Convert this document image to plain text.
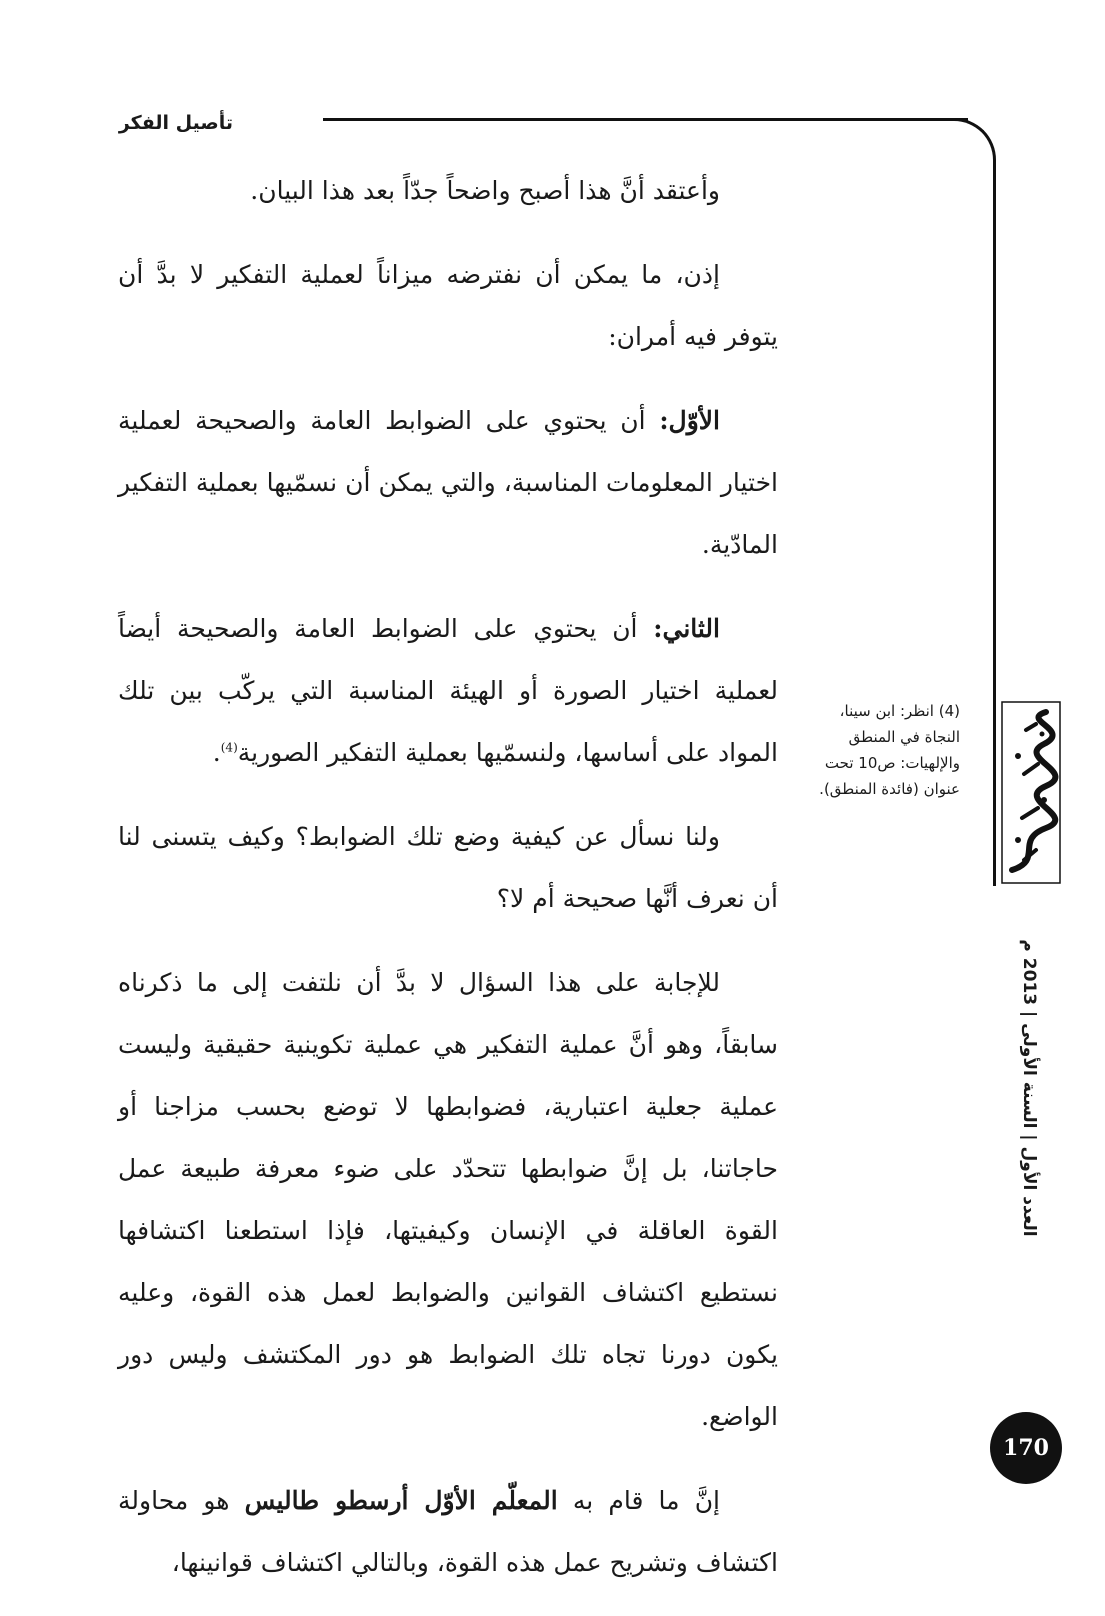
تأصيل الفكر

وأعتقد أنَّ هذا أصبح واضحاً جدّاً بعد هذا البيان.

إذن، ما يمكن أن نفترضه ميزاناً لعملية التفكير لا بدَّ أن يتوفر فيه أمران:

الأوّل: أن يحتوي على الضوابط العامة والصحيحة لعملية اختيار المعلومات المناسبة، والتي يمكن أن نسمّيها بعملية التفكير المادّية.

الثاني: أن يحتوي على الضوابط العامة والصحيحة أيضاً لعملية اختيار الصورة أو الهيئة المناسبة التي يركّب بين تلك المواد على أساسها، ولنسمّيها بعملية التفكير الصورية$^{(4)}$.

ولنا نسأل عن كيفية وضع تلك الضوابط؟ وكيف يتسنى لنا أن نعرف أنَّها صحيحة أم لا؟

للإجابة على هذا السؤال لا بدَّ أن نلتفت إلى ما ذكرناه سابقاً، وهو أنَّ عملية التفكير هي عملية تكوينية حقيقية وليست عملية جعلية اعتبارية، فضوابطها لا توضع بحسب مزاجنا أو حاجاتنا، بل إنَّ ضوابطها تتحدّد على ضوء معرفة طبيعة عمل القوة العاقلة في الإنسان وكيفيتها، فإذا استطعنا اكتشافها نستطيع اكتشاف القوانين والضوابط لعمل هذه القوة، وعليه يكون دورنا تجاه تلك الضوابط هو دور المكتشف وليس دور الواضع.

إنَّ ما قام به المعلّم الأوّل أرسطو طاليس هو محاولة اكتشاف وتشريح عمل هذه القوة، وبالتالي اكتشاف قوانينها،

(4) انظر: ابن سينا، النجاة في المنطق والإلهيات: ص10 تحت عنوان (فائدة المنطق).
العدد الأول | السنة الأولى | 2013 م
170
